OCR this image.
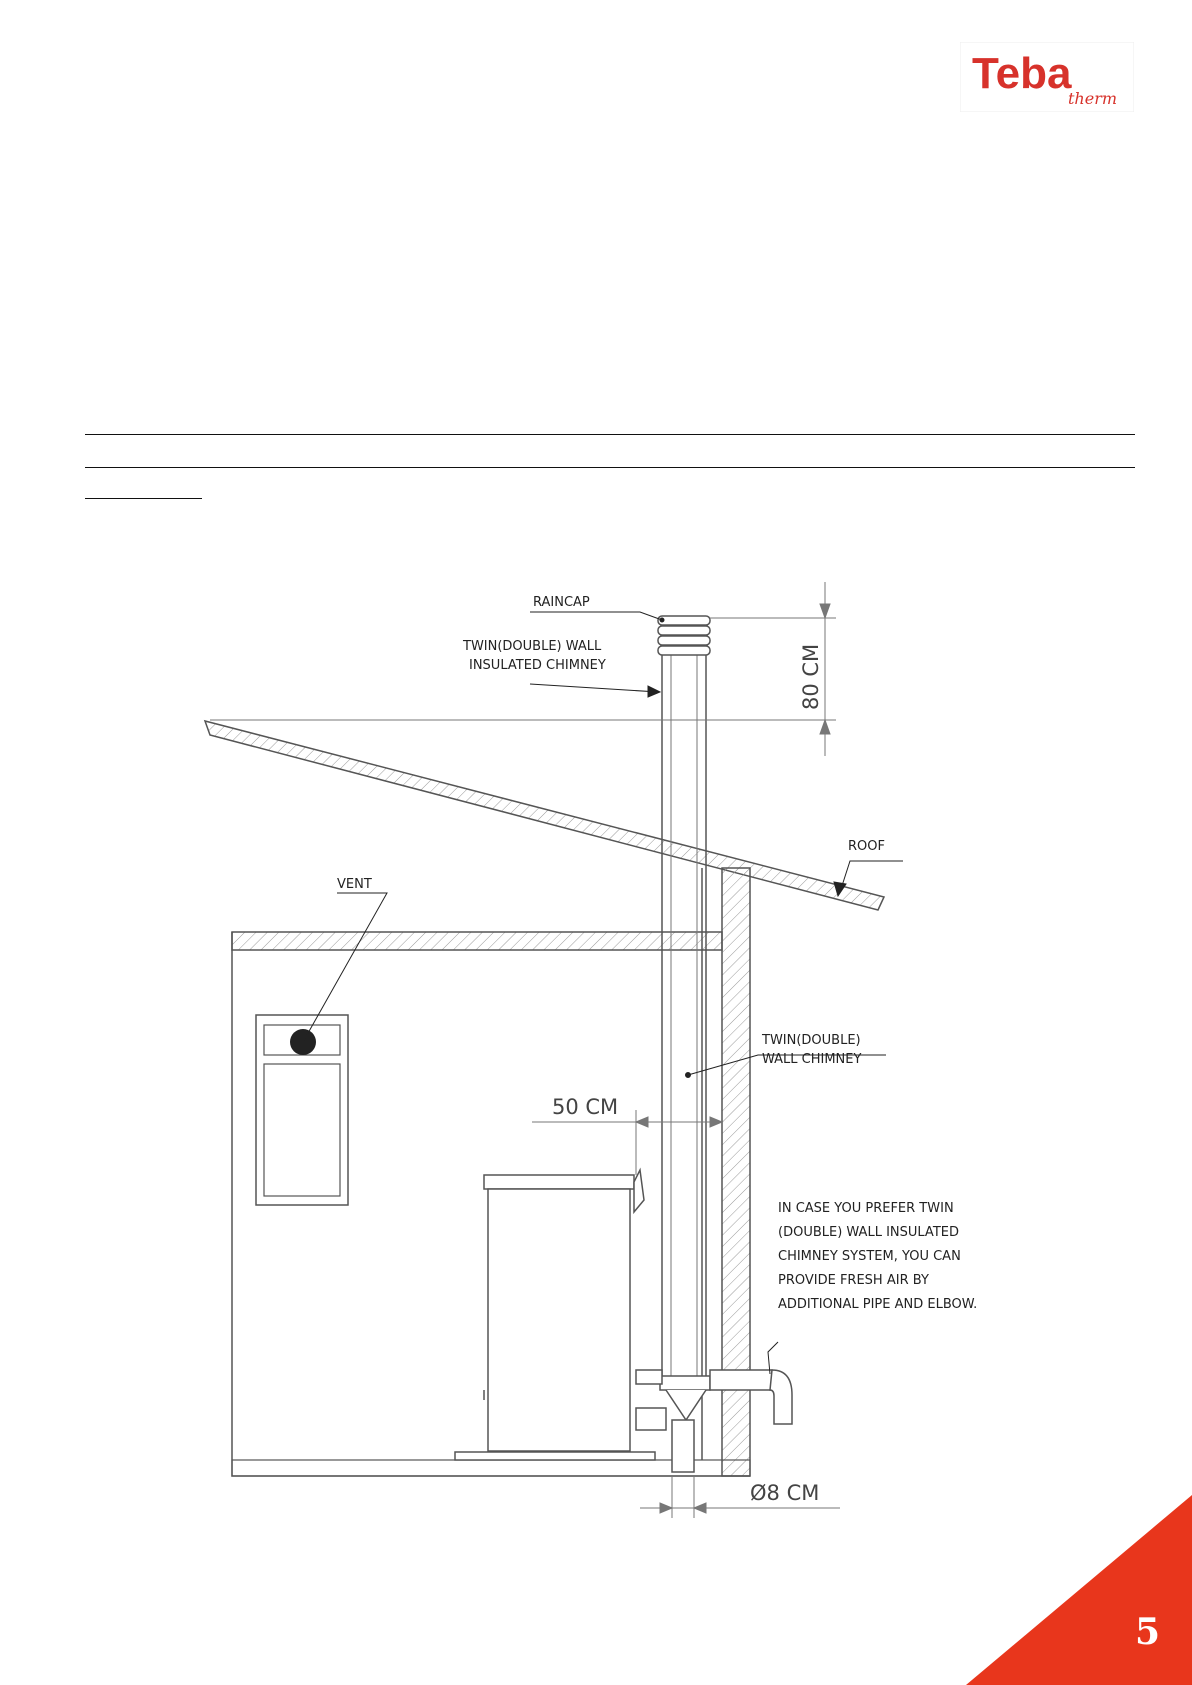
Teba
therm
80 CM
50 CM
Ø8 CM
RAINCAP
TWIN(DOUBLE) WALL
INSULATED CHIMNEY
ROOF
VENT
TWIN(DOUBLE)
WALL CHIMNEY
IN CASE YOU PREFER TWIN
(DOUBLE) WALL INSULATED
CHIMNEY SYSTEM, YOU CAN
PROVIDE FRESH AIR BY
ADDITIONAL PIPE AND ELBOW.
5
